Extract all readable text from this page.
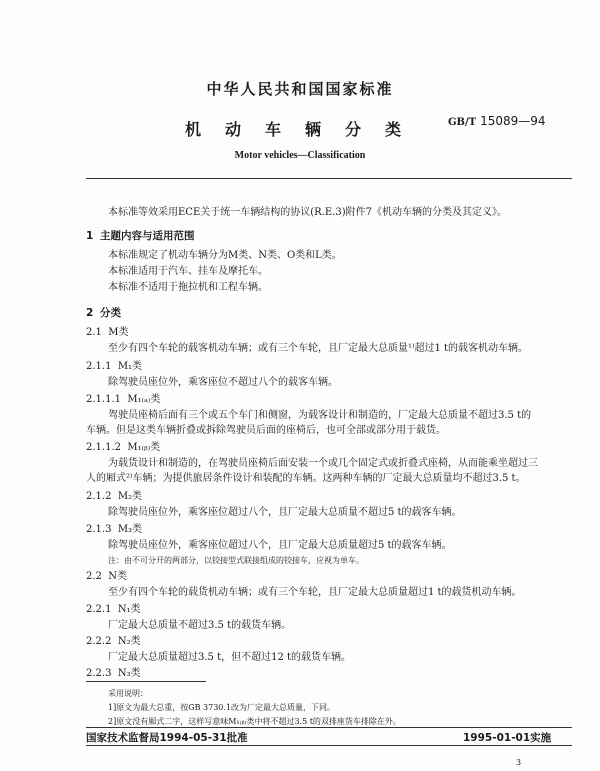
中华人民共和国国家标准
GB/T 15089—94
机动车辆分类
Motor vehicles—Classification
本标准等效采用ECE关于统一车辆结构的协议(R.E.3)附件7《机动车辆的分类及其定义》。
1 主题内容与适用范围
本标准规定了机动车辆分为M类、N类、O类和L类。
本标准适用于汽车、挂车及摩托车。
本标准不适用于拖拉机和工程车辆。
2 分类
2.1 M类
至少有四个车轮的载客机动车辆；或有三个车轮，且厂定最大总质量¹⁾超过1 t的载客机动车辆。
2.1.1 M₁类
除驾驶员座位外，乘客座位不超过八个的载客车辆。
2.1.1.1 M₁₍ₐ₎类
驾驶员座椅后面有三个或五个车门和侧窗，为载客设计和制造的，厂定最大总质量不超过3.5 t的
车辆。但是这类车辆折叠或拆除驾驶员后面的座椅后，也可全部或部分用于载货。
2.1.1.2 M₁₍ᵦ₎类
为载货设计和制造的，在驾驶员座椅后面安装一个或几个固定式或折叠式座椅，从而能乘坐超过三
人的厢式²⁾车辆；为提供旅居条件设计和装配的车辆。这两种车辆的厂定最大总质量均不超过3.5 t。
2.1.2 M₂类
除驾驶员座位外，乘客座位超过八个，且厂定最大总质量不超过5 t的载客车辆。
2.1.3 M₃类
除驾驶员座位外，乘客座位超过八个，且厂定最大总质量超过5 t的载客车辆。
注：由不可分开的两部分，以铰接型式联接组成的铰接车，应视为单车。
2.2 N类
至少有四个车轮的载货机动车辆；或有三个车轮，且厂定最大总质量超过1 t的载货机动车辆。
2.2.1 N₁类
厂定最大总质量不超过3.5 t的载货车辆。
2.2.2 N₂类
厂定最大总质量超过3.5 t，但不超过12 t的载货车辆。
2.2.3 N₃类
采用说明：
1]原文为最大总重，按GB 3730.1改为厂定最大总质量，下同。
2]原文没有厢式二字，这样写意味M₁₍ᵦ₎类中将不超过3.5 t的双排座货车排除在外。
国家技术监督局1994-05-31批准	1995-01-01实施
3
